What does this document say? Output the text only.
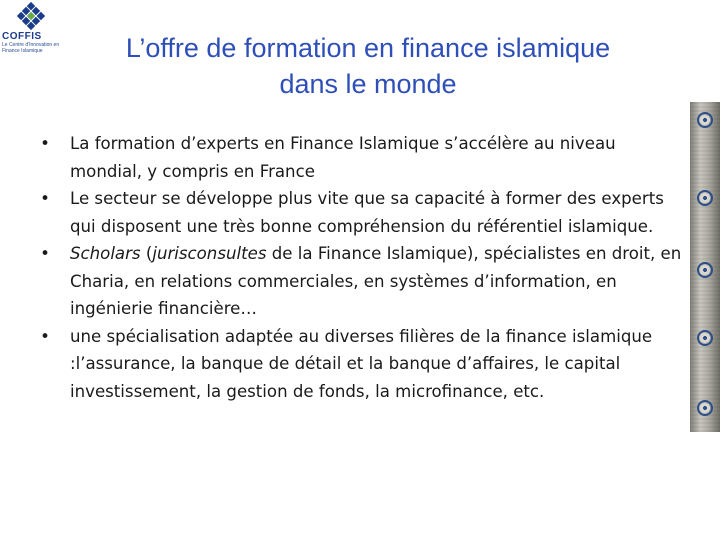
COFFIS
Le Centre d'Innovation en Finance Islamique	L’offre de formation en finance islamique
dans le monde
• La formation d’experts en Finance Islamique s’accélère au niveau mondial, y compris en France
• Le secteur se développe plus vite que sa capacité à former des experts qui disposent une très bonne compréhension du référentiel islamique.
• Scholars (jurisconsultes de la Finance Islamique), spécialistes en droit, en Charia, en relations commerciales, en systèmes d’information, en ingénierie financière…
• une spécialisation adaptée au diverses filières de la finance islamique :l’assurance, la banque de détail et la banque d’affaires, le capital investissement, la gestion de fonds, la microfinance, etc.
